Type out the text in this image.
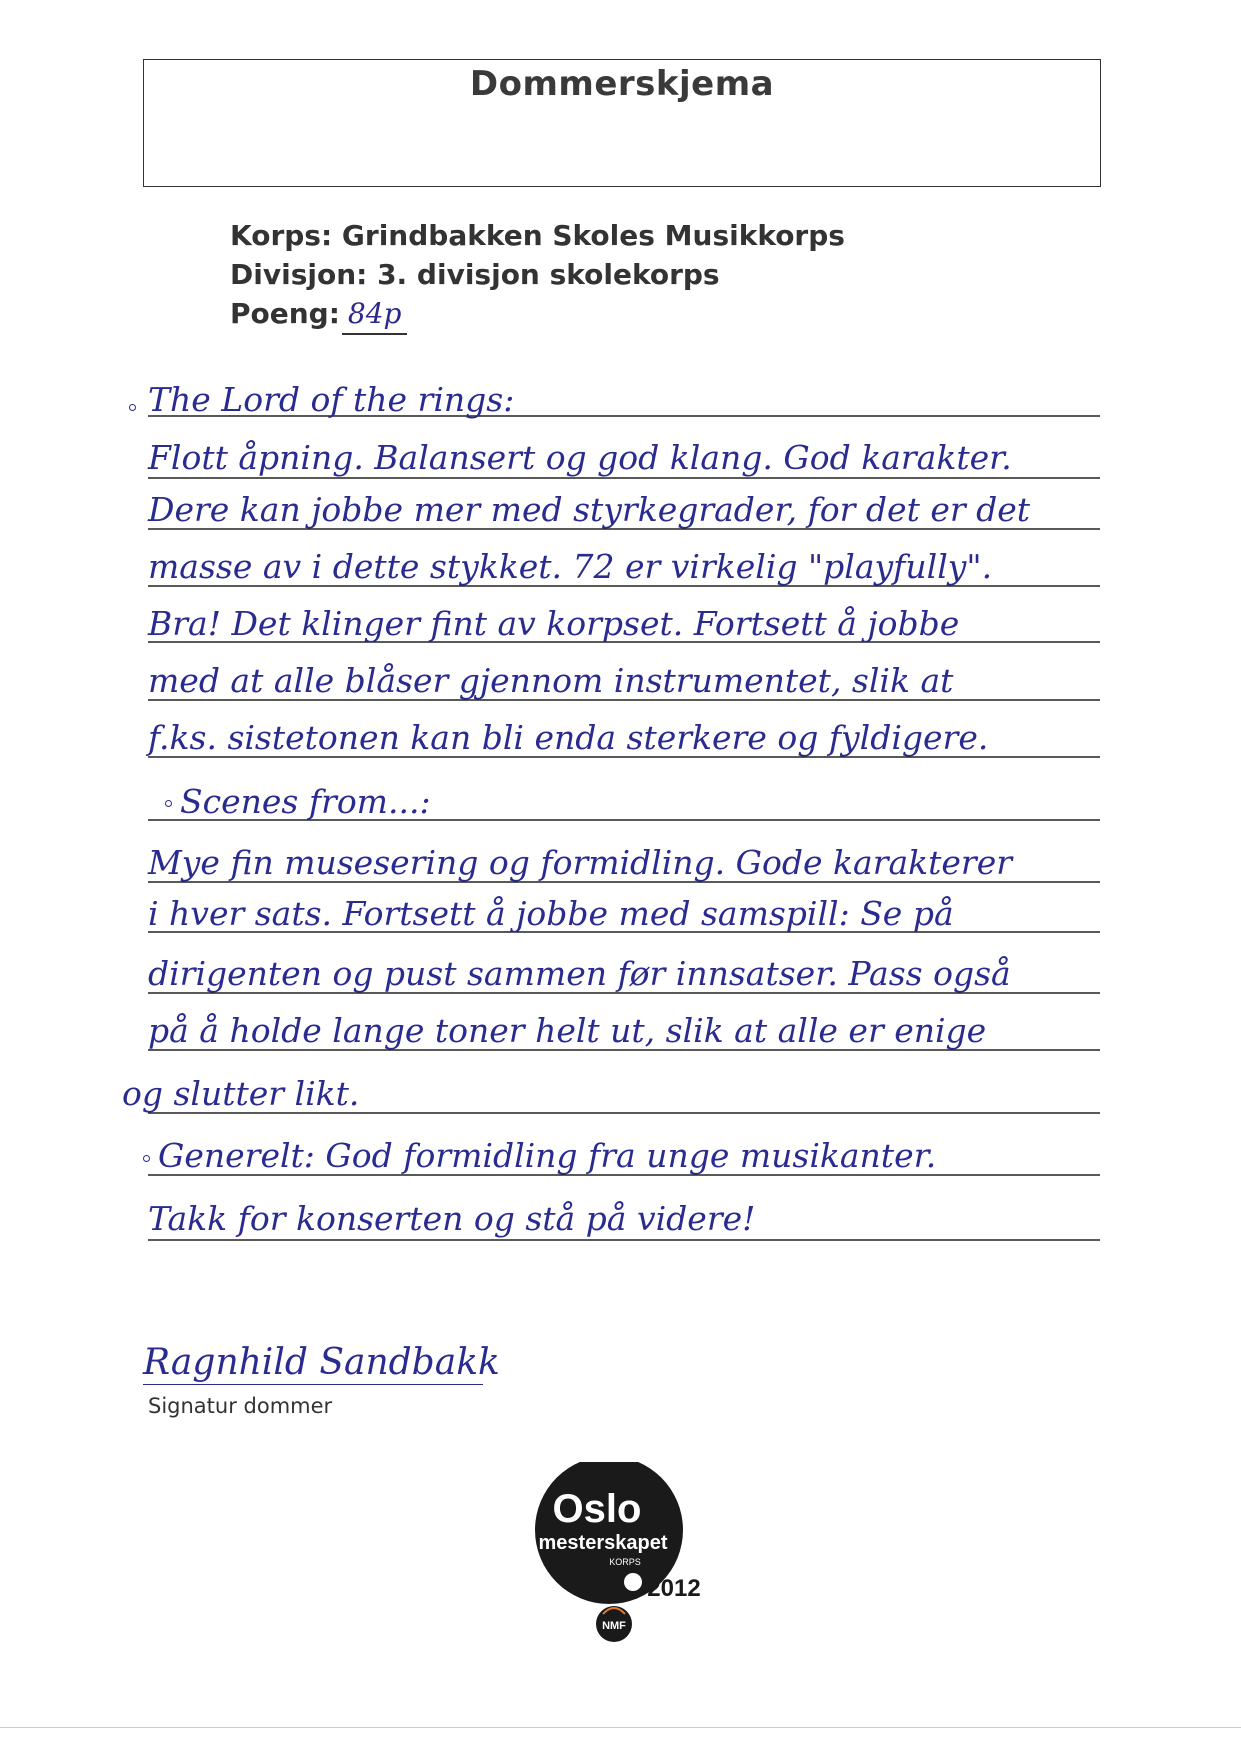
Dommerskjema
Korps: Grindbakken Skoles Musikkorps
Divisjon: 3. divisjon skolekorps
Poeng: 84p
The Lord of the rings:
Flott åpning. Balansert og god klang. God karakter.
Dere kan jobbe mer med styrkegrader, for det er det
masse av i dette stykket. 72 er virkelig "playfully".
Bra! Det klinger fint av korpset. Fortsett å jobbe
med at alle blåser gjennom instrumentet, slik at
f.ks. sistetonen kan bli enda sterkere og fyldigere.
Scenes from...:
Mye fin musesering og formidling. Gode karakterer
i hver sats. Fortsett å jobbe med samspill: Se på
dirigenten og pust sammen før innsatser. Pass også
på å holde lange toner helt ut, slik at alle er enige
og slutter likt.
Generelt: God formidling fra unge musikanter.
Takk for konserten og stå på videre!
Ragnhild Sandbakk
Signatur dommer
Oslo
mesterskapet
KORPS
2012
NMF
